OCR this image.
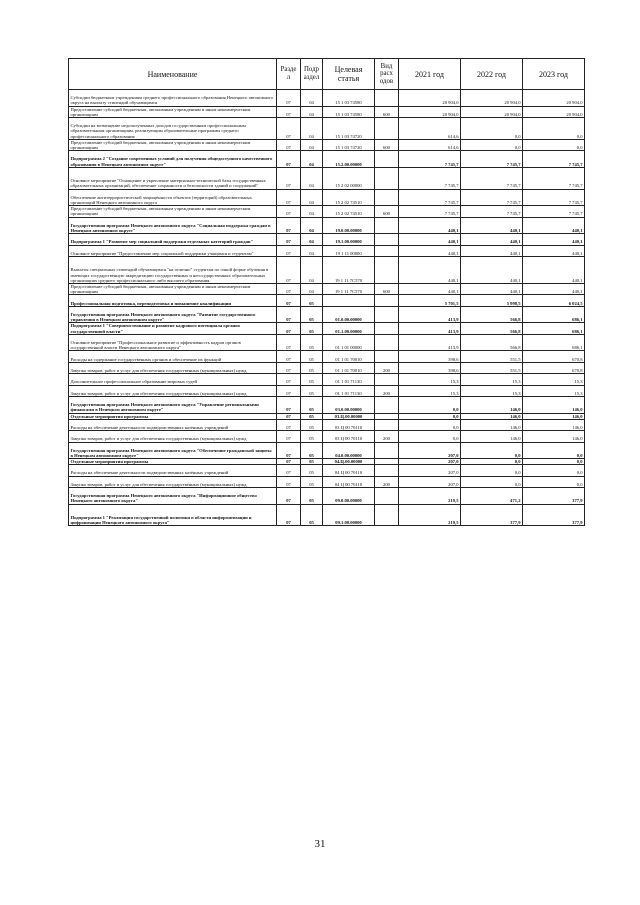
Наименование	Разде л	Подр аздел	Целевая статья	Вид расх одов	2021 год	2022 год	2023 год
Субсидии бюджетным учреждениям среднего профессионального образования Ненецкого автономного округа на выплату стипендий обучающимся	07	04	15 1 03 74580		20 904,0	20 904,0	20 904,0
Предоставление субсидий бюджетным, автономным учреждениям и иным некоммерческим организациям	07	04	15 1 03 74580	600	20 904,0	20 904,0	20 904,0
Субсидии на возмещение недополученных доходов государственным профессиональным образовательным организациям, реализующим образовательные программы среднего профессионального образования	07	04	15 1 03 74720		614,6	0,0	0,0
Предоставление субсидий бюджетным, автономным учреждениям и иным некоммерческим организациям	07	04	15 1 03 74720	600	614,6	0,0	0,0
Подпрограмма 2 "Создание современных условий для получения общедоступного качественного образования в Ненецком автономном округе"	07	04	15.2.00.00000		7 745,7	7 745,7	7 745,7
Основное мероприятие "Оснащение и укрепление материально-технической базы государственных образовательных организаций, обеспечение сохранности и безопасности зданий и сооружений"	07	04	15 2 02 00000		7 745,7	7 745,7	7 745,7
Обеспечение антитеррористической защищённости объектов (территорий) образовательных организаций Ненецкого автономного округа	07	04	15 2 02 74510		7 745,7	7 745,7	7 745,7
Предоставление субсидий бюджетным, автономным учреждениям и иным некоммерческим организациям	07	04	15 2 02 74510	600	7 745,7	7 745,7	7 745,7
Государственная программа Ненецкого автономного округа "Социальная поддержка граждан в Ненецком автономном округе"	07	04	19.0.00.00000		440,1	440,1	440,1
Подпрограмма 1 "Развитие мер социальной поддержки отдельных категорий граждан"	07	04	19.1.00.00000		440,1	440,1	440,1
Основное мероприятие "Предоставление мер социальной поддержки учащимся и студентам"	07	04	19 1 11 00000		440,1	440,1	440,1
Выплаты специальных стипендий обучающимся "на отлично" студентам по очной форме обучения в имеющих государственную аккредитацию государственных и негосударственных образовательных организациях среднего профессионального либо высшего образования	07	04	19 1 11 7С570		440,1	440,1	440,1
Предоставление субсидий бюджетным, автономным учреждениям и иным некоммерческим организациям	07	04	19 1 11 7С570	600	440,1	440,1	440,1
Профессиональная подготовка, переподготовка и повышение квалификации	07	05			5 701,5	5 998,5	6 024,5
Государственная программа Ненецкого автономного округа "Развитие государственного управления в Ненецком автономном округе"	07	05	01.0.00.00000		413,9	566,8	686,1
Подпрограмма 1 "Совершенствование и развитие кадрового потенциала органов государственной власти"	07	05	01.1.00.00000		413,9	566,8	686,1
Основное мероприятие "Профессиональное развитие и эффективность кадров органов государственной власти Ненецкого автономного округа"	07	05	01 1 01 00000		413,9	566,8	686,1
Расходы на содержание государственных органов и обеспечение их функций	07	05	01 1 01 70010		398,6	551,5	670,8
Закупка товаров, работ и услуг для обеспечения государственных (муниципальных) нужд	07	05	01 1 01 70010	200	398,6	551,5	670,8
Дополнительное профессиональное образование мировых судей	07	05	01 1 01 71130		15,3	15,3	15,3
Закупка товаров, работ и услуг для обеспечения государственных (муниципальных) нужд	07	05	01 1 01 71130	200	15,3	15,3	15,3
Государственная программа Ненецкого автономного округа "Управление региональными финансами в Ненецком автономном округе"	07	05	03.0.00.00000		0,0	146,0	146,0
Отдельные мероприятия программы	07	05	03.Ц.00.00000		0,0	146,0	146,0
Расходы на обеспечение деятельности подведомственных казённых учреждений	07	05	03 Ц 00 70110		0,0	146,0	146,0
Закупка товаров, работ и услуг для обеспечения государственных (муниципальных) нужд	07	05	03 Ц 00 70110	200	0,0	146,0	146,0
Государственная программа Ненецкого автономного округа "Обеспечение гражданской защиты в Ненецком автономном округе"	07	05	04.0.00.00000		207,0	0,0	0,0
Отдельные мероприятия программы	07	05	04.Ц.00.00000		207,0	0,0	0,0
Расходы на обеспечение деятельности подведомственных казённых учреждений	07	05	04 Ц 00 70110		207,0	0,0	0,0
Закупка товаров, работ и услуг для обеспечения государственных (муниципальных) нужд	07	05	04 Ц 00 70110	200	207,0	0,0	0,0
Государственная программа Ненецкого автономного округа "Информационное общество Ненецкого автономного округа"	07	05	09.0.00.00000		219,5	471,2	377,9
Подпрограмма 1 "Реализация государственной политики в области информатизации и цифровизации Ненецкого автономного округа"	07	05	09.1.00.00000		219,5	377,9	377,9
31
